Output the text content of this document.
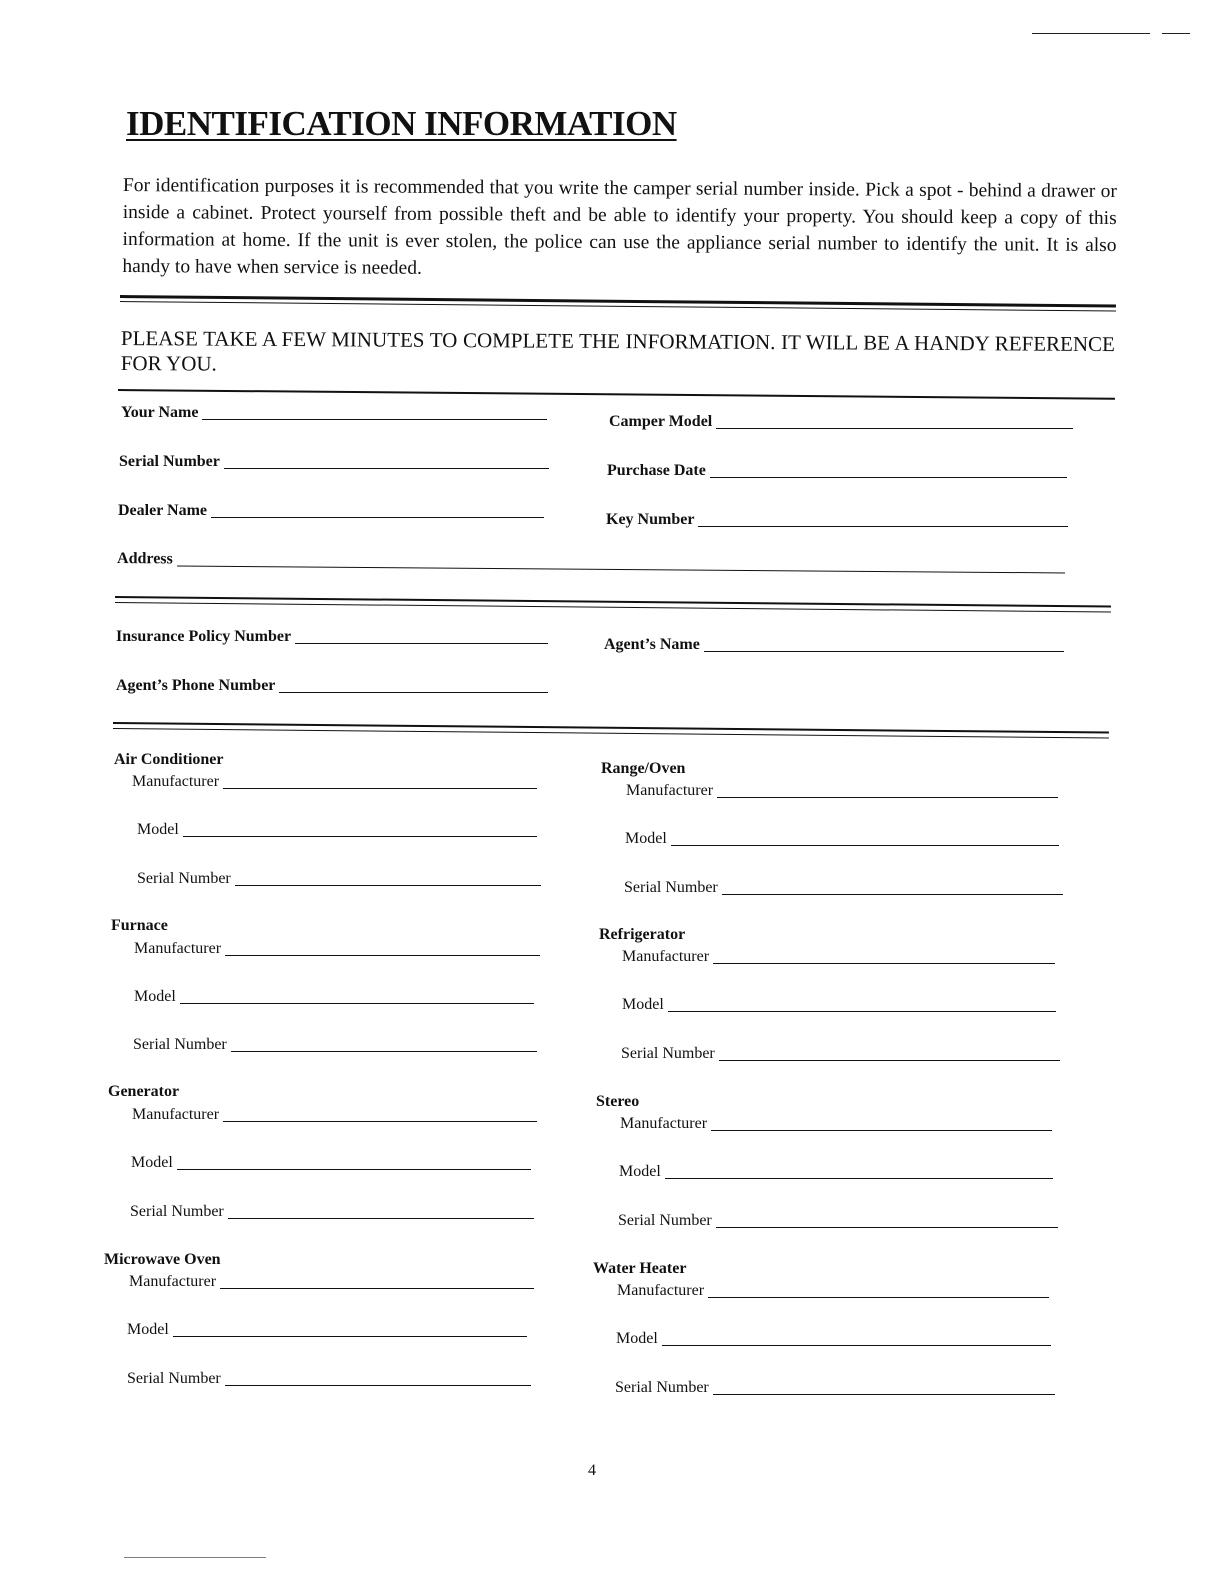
IDENTIFICATION INFORMATION
For identification purposes it is recommended that you write the camper serial number inside. Pick a spot - behind a drawer or inside a cabinet. Protect yourself from possible theft and be able to identify your property. You should keep a copy of this information at home. If the unit is ever stolen, the police can use the appliance serial number to identify the unit. It is also handy to have when service is needed.
PLEASE TAKE A FEW MINUTES TO COMPLETE THE INFORMATION. IT WILL BE A HANDY REFERENCE FOR YOU.
Your Name
Camper Model
Serial Number
Purchase Date
Dealer Name
Key Number
Address
Insurance Policy Number	Agent’s Name
Agent’s Phone Number
Air Conditioner
Manufacturer
Model
Serial Number
Range/Oven
Manufacturer
Model
Serial Number
Furnace
Manufacturer
Model
Serial Number
Refrigerator
Manufacturer
Model
Serial Number
Generator
Manufacturer
Model
Serial Number
Stereo
Manufacturer
Model
Serial Number
Microwave Oven
Manufacturer
Model
Serial Number
Water Heater
Manufacturer
Model
Serial Number
4
